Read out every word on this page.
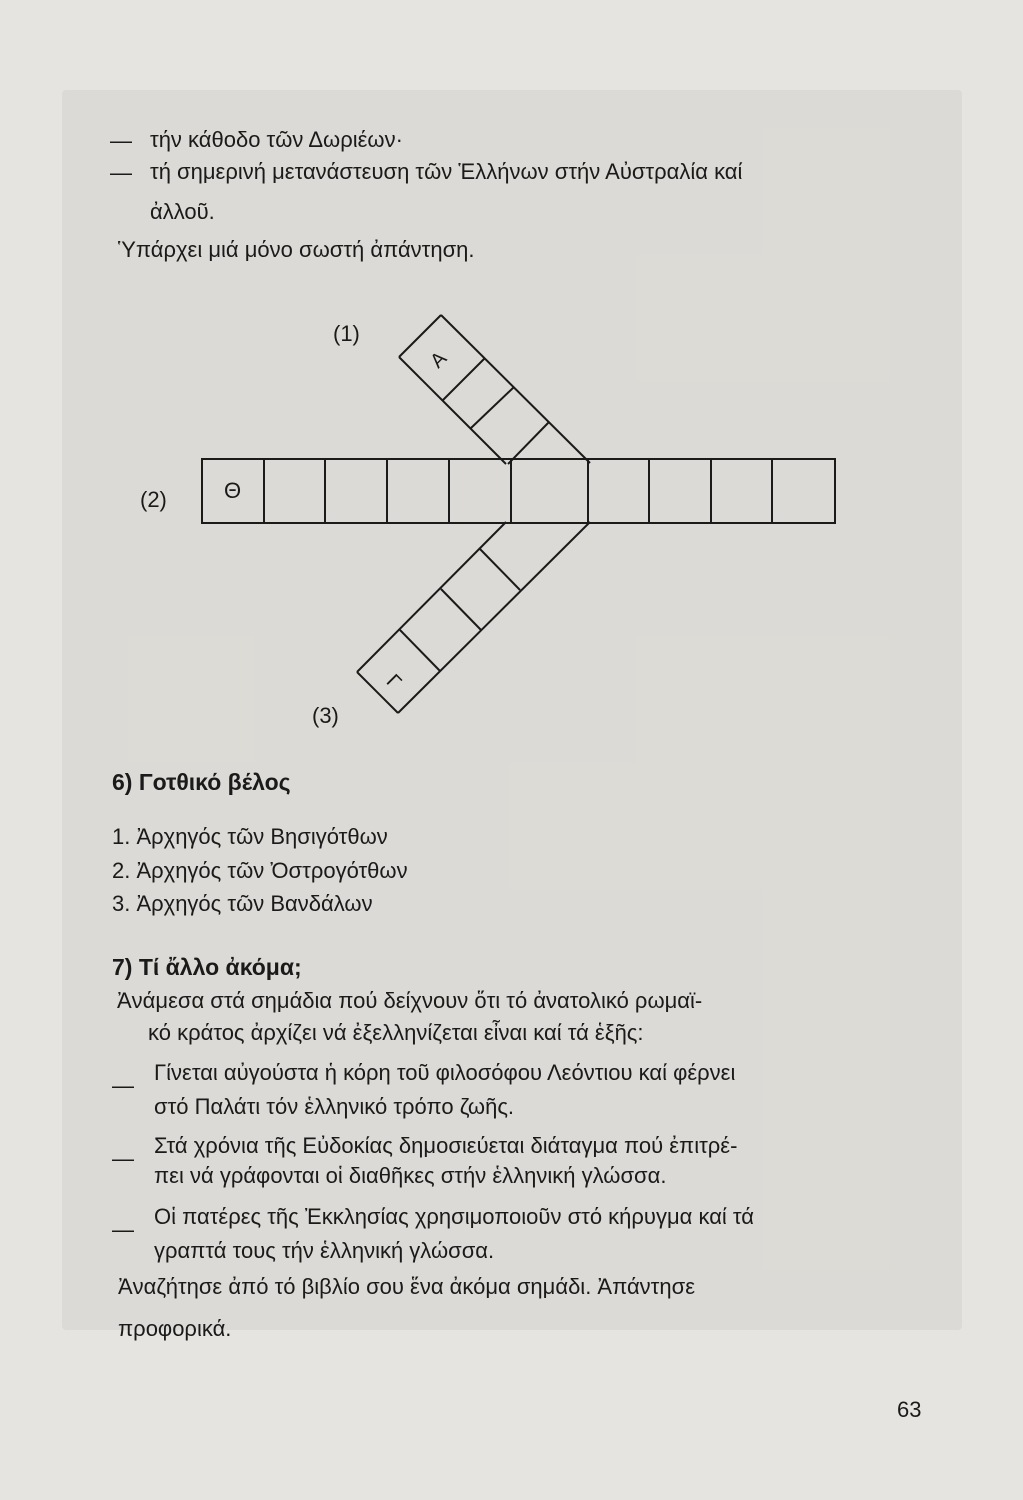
— τήν κάθοδο τῶν Δωριέων·
— τή σημερινή μετανάστευση τῶν Ἑλλήνων στήν Αὐστραλία καί
ἀλλοῦ.
Ὑπάρχει μιά μόνο σωστή ἀπάντηση.
(1)
(2)
(3)
Α
Θ
Γ
6) Γοτθικό βέλος
1. Ἀρχηγός τῶν Βησιγότθων
2. Ἀρχηγός τῶν Ὀστρογότθων
3. Ἀρχηγός τῶν Βανδάλων
7) Τί ἄλλο ἀκόμα;
Ἀνάμεσα στά σημάδια πού δείχνουν ὅτι τό ἀνατολικό ρωμαϊ-
κό κράτος ἀρχίζει νά ἐξελληνίζεται εἶναι καί τά ἑξῆς:
—
Γίνεται αὐγούστα ἡ κόρη τοῦ φιλοσόφου Λεόντιου καί φέρνει
στό Παλάτι τόν ἑλληνικό τρόπο ζωῆς.
—
Στά χρόνια τῆς Εὐδοκίας δημοσιεύεται διάταγμα πού ἐπιτρέ-
πει νά γράφονται οἱ διαθῆκες στήν ἑλληνική γλώσσα.
—
Οἱ πατέρες τῆς Ἐκκλησίας χρησιμοποιοῦν στό κήρυγμα καί τά
γραπτά τους τήν ἑλληνική γλώσσα.
Ἀναζήτησε ἀπό τό βιβλίο σου ἕνα ἀκόμα σημάδι. Ἀπάντησε
προφορικά.
63
